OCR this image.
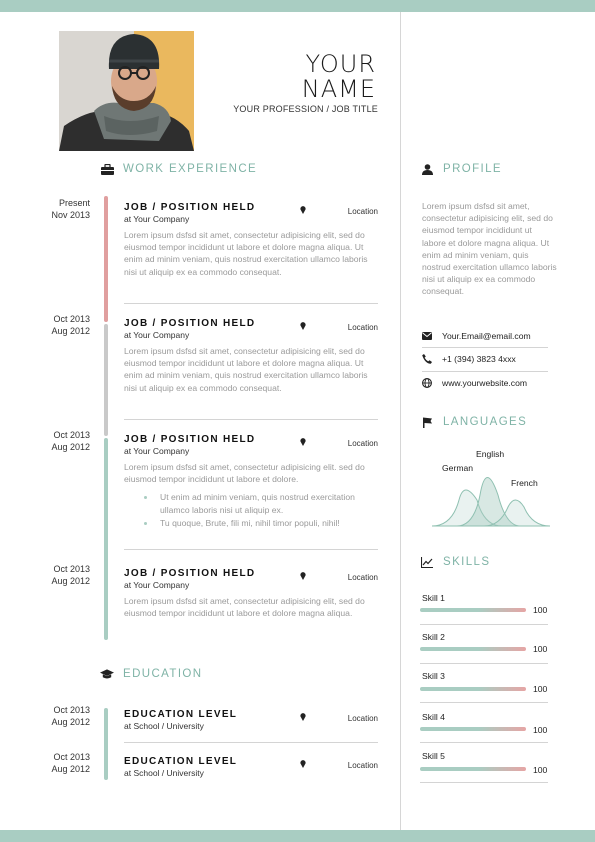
YOUR
NAME
YOUR PROFESSION / JOB TITLE
WORK EXPERIENCE
Present
Nov 2013
JOB / POSITION HELD
at Your Company
Location
Lorem ipsum dsfsd sit amet, consectetur adipisicing elit, sed do eiusmod tempor incididunt ut labore et dolore magna aliqua. Ut enim ad minim veniam, quis nostrud exercitation ullamco laboris nisi ut aliquip ex ea commodo consequat.
Oct 2013
Aug 2012
JOB / POSITION HELD
at Your Company
Location
Lorem ipsum dsfsd sit amet, consectetur adipisicing elit, sed do eiusmod tempor incididunt ut labore et dolore magna aliqua. Ut enim ad minim veniam, quis nostrud exercitation ullamco laboris nisi ut aliquip ex ea commodo consequat.
Oct 2013
Aug 2012
JOB / POSITION HELD
at Your Company
Location
Lorem ipsum dsfsd sit amet, consectetur adipisicing elit. sed do eiusmod tempor incididunt ut labore et dolore.
Ut enim ad minim veniam, quis nostrud exercitation ullamco laboris nisi ut aliquip ex.
Tu quoque, Brute, fili mi, nihil timor populi, nihil!
Oct 2013
Aug 2012
JOB / POSITION HELD
at Your Company
Location
Lorem ipsum dsfsd sit amet, consectetur adipisicing elit, sed do eiusmod tempor incididunt ut labore et dolore magna aliqua.
EDUCATION
Oct 2013
Aug 2012
EDUCATION LEVEL
at School / University
Location
Oct 2013
Aug 2012
EDUCATION LEVEL
at School / University
Location
PROFILE
Lorem ipsum dsfsd sit amet, consectetur adipisicing elit, sed do eiusmod tempor incididunt ut labore et dolore magna aliqua. Ut enim ad minim veniam, quis nostrud exercitation ullamco laboris nisi ut aliquip ex ea commodo consequat.
Your.Email@email.com
+1 (394) 3823 4xxx
www.yourwebsite.com
LANGUAGES
German
English
French
SKILLS
Skill 1
100
Skill 2
100
Skill 3
100
Skill 4
100
Skill 5
100
